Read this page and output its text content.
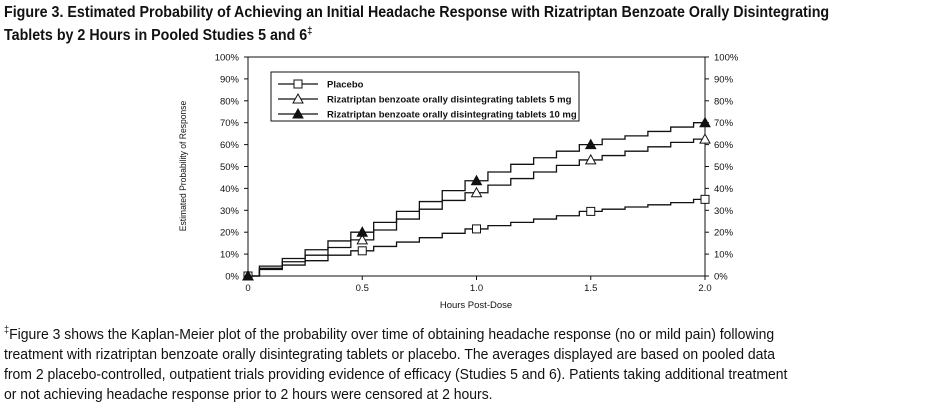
Figure 3. Estimated Probability of Achieving an Initial Headache Response with Rizatriptan Benzoate Orally Disintegrating
Tablets by 2 Hours in Pooled Studies 5 and 6‡
0%	0%
10%	10%
20%	20%
30%	30%
40%	40%
50%	50%
60%	60%
70%	70%
80%	80%
90%	90%
100%	100%
0	0.5	1.0	1.5	2.0
Hours Post-Dose
Estimated Probability of Response
Placebo
Rizatriptan benzoate orally disintegrating tablets 5 mg
Rizatriptan benzoate orally disintegrating tablets 10 mg
‡Figure 3 shows the Kaplan-Meier plot of the probability over time of obtaining headache response (no or mild pain) following
treatment with rizatriptan benzoate orally disintegrating tablets or placebo. The averages displayed are based on pooled data
from 2 placebo-controlled, outpatient trials providing evidence of efficacy (Studies 5 and 6). Patients taking additional treatment
or not achieving headache response prior to 2 hours were censored at 2 hours.
